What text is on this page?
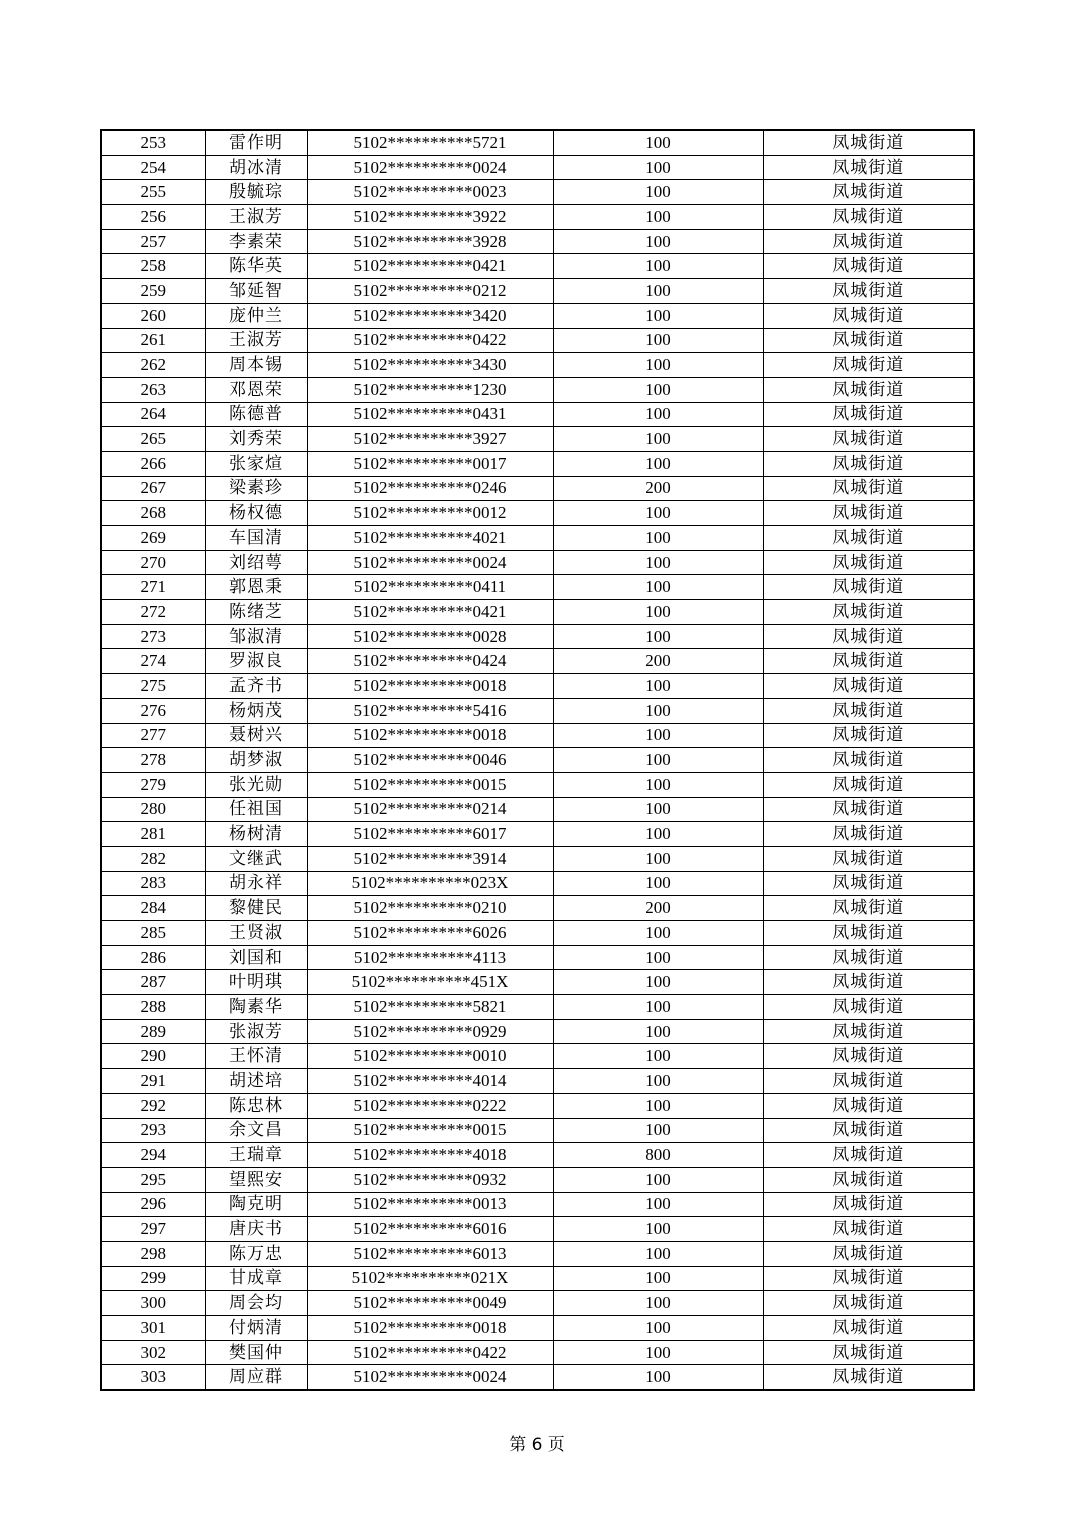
253	雷作明	5102**********5721	100	凤城街道
254	胡冰清	5102**********0024	100	凤城街道
255	殷毓琮	5102**********0023	100	凤城街道
256	王淑芳	5102**********3922	100	凤城街道
257	李素荣	5102**********3928	100	凤城街道
258	陈华英	5102**********0421	100	凤城街道
259	邹延智	5102**********0212	100	凤城街道
260	庞仲兰	5102**********3420	100	凤城街道
261	王淑芳	5102**********0422	100	凤城街道
262	周本锡	5102**********3430	100	凤城街道
263	邓恩荣	5102**********1230	100	凤城街道
264	陈德普	5102**********0431	100	凤城街道
265	刘秀荣	5102**********3927	100	凤城街道
266	张家煊	5102**********0017	100	凤城街道
267	梁素珍	5102**********0246	200	凤城街道
268	杨权德	5102**********0012	100	凤城街道
269	车国清	5102**********4021	100	凤城街道
270	刘绍萼	5102**********0024	100	凤城街道
271	郭恩秉	5102**********0411	100	凤城街道
272	陈绪芝	5102**********0421	100	凤城街道
273	邹淑清	5102**********0028	100	凤城街道
274	罗淑良	5102**********0424	200	凤城街道
275	孟齐书	5102**********0018	100	凤城街道
276	杨炳茂	5102**********5416	100	凤城街道
277	聂树兴	5102**********0018	100	凤城街道
278	胡梦淑	5102**********0046	100	凤城街道
279	张光勋	5102**********0015	100	凤城街道
280	任祖国	5102**********0214	100	凤城街道
281	杨树清	5102**********6017	100	凤城街道
282	文继武	5102**********3914	100	凤城街道
283	胡永祥	5102**********023X	100	凤城街道
284	黎健民	5102**********0210	200	凤城街道
285	王贤淑	5102**********6026	100	凤城街道
286	刘国和	5102**********4113	100	凤城街道
287	叶明琪	5102**********451X	100	凤城街道
288	陶素华	5102**********5821	100	凤城街道
289	张淑芳	5102**********0929	100	凤城街道
290	王怀清	5102**********0010	100	凤城街道
291	胡述培	5102**********4014	100	凤城街道
292	陈忠林	5102**********0222	100	凤城街道
293	余文昌	5102**********0015	100	凤城街道
294	王瑞章	5102**********4018	800	凤城街道
295	望熙安	5102**********0932	100	凤城街道
296	陶克明	5102**********0013	100	凤城街道
297	唐庆书	5102**********6016	100	凤城街道
298	陈万忠	5102**********6013	100	凤城街道
299	甘成章	5102**********021X	100	凤城街道
300	周会均	5102**********0049	100	凤城街道
301	付炳清	5102**********0018	100	凤城街道
302	樊国仲	5102**********0422	100	凤城街道
303	周应群	5102**********0024	100	凤城街道
第 6 页
